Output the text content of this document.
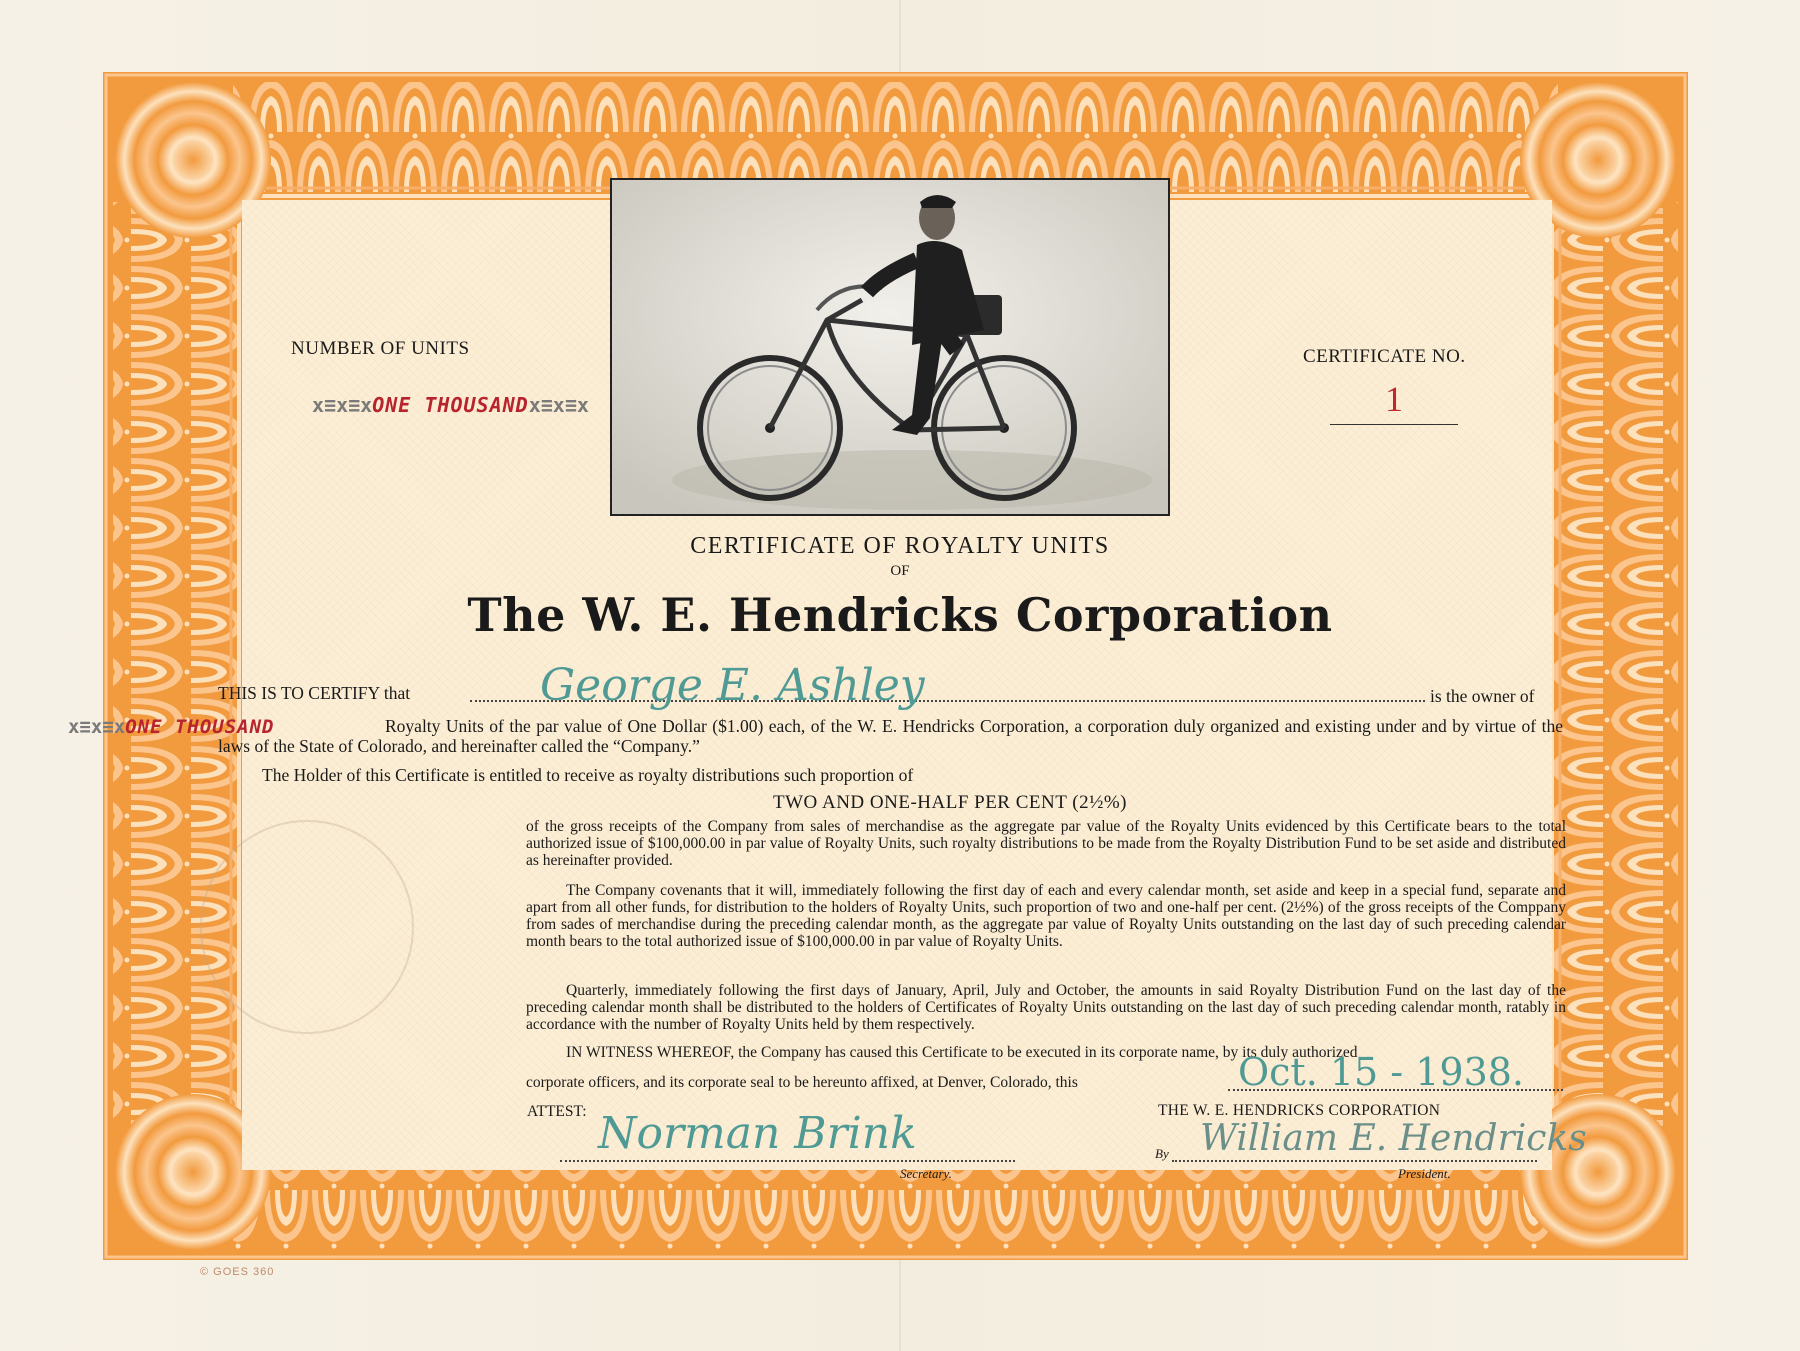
NUMBER OF UNITS
x≡x≡xONE THOUSANDx≡x≡x
CERTIFICATE NO.
1
CERTIFICATE OF ROYALTY UNITS
OF
The W. E. Hendricks Corporation
THIS IS TO CERTIFY that	George E. Ashley	is the owner of
x≡x≡xONE THOUSAND	Royalty Units of the par value of One Dollar ($1.00) each, of the W. E. Hendricks Corporation, a corporation duly organized and existing under and by virtue of the laws of the State of Colorado, and hereinafter called the “Company.”
The Holder of this Certificate is entitled to receive as royalty distributions such proportion of
TWO AND ONE-HALF PER CENT (2½%)
of the gross receipts of the Company from sales of merchandise as the aggregate par value of the Royalty Units evidenced by this Certificate bears to the total authorized issue of $100,000.00 in par value of Royalty Units, such royalty distributions to be made from the Royalty Distribution Fund to be set aside and distributed as hereinafter provided.
The Company covenants that it will, immediately following the first day of each and every calendar month, set aside and keep in a special fund, separate and apart from all other funds, for distribution to the holders of Royalty Units, such proportion of two and one-half per cent. (2½%) of the gross receipts of the Comppany from sades of merchandise during the preceding calendar month, as the aggregate par value of Royalty Units outstanding on the last day of such preceding calendar month bears to the total authorized issue of $100,000.00 in par value of Royalty Units.
Quarterly, immediately following the first days of January, April, July and October, the amounts in said Royalty Distribution Fund on the last day of the preceding calendar month shall be distributed to the holders of Certificates of Royalty Units outstanding on the last day of such preceding calendar month, ratably in accordance with the number of Royalty Units held by them respectively.
IN WITNESS WHEREOF, the Company has caused this Certificate to be executed in its corporate name, by its duly authorized
corporate officers, and its corporate seal to be hereunto affixed, at Denver, Colorado, this	Oct. 15 - 1938.
ATTEST:	THE W. E. HENDRICKS CORPORATION
Norman Brink
Secretary.
By William E. Hendricks
President.
© GOES 360
